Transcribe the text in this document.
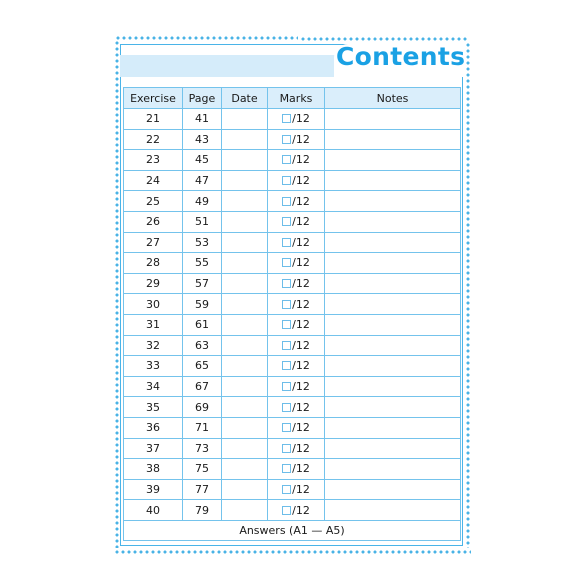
Contents
Exercise	Page	Date	Marks	Notes
21	41		/12	
22	43		/12	
23	45		/12	
24	47		/12	
25	49		/12	
26	51		/12	
27	53		/12	
28	55		/12	
29	57		/12	
30	59		/12	
31	61		/12	
32	63		/12	
33	65		/12	
34	67		/12	
35	69		/12	
36	71		/12	
37	73		/12	
38	75		/12	
39	77		/12	
40	79		/12	
Answers (A1 — A5)				
